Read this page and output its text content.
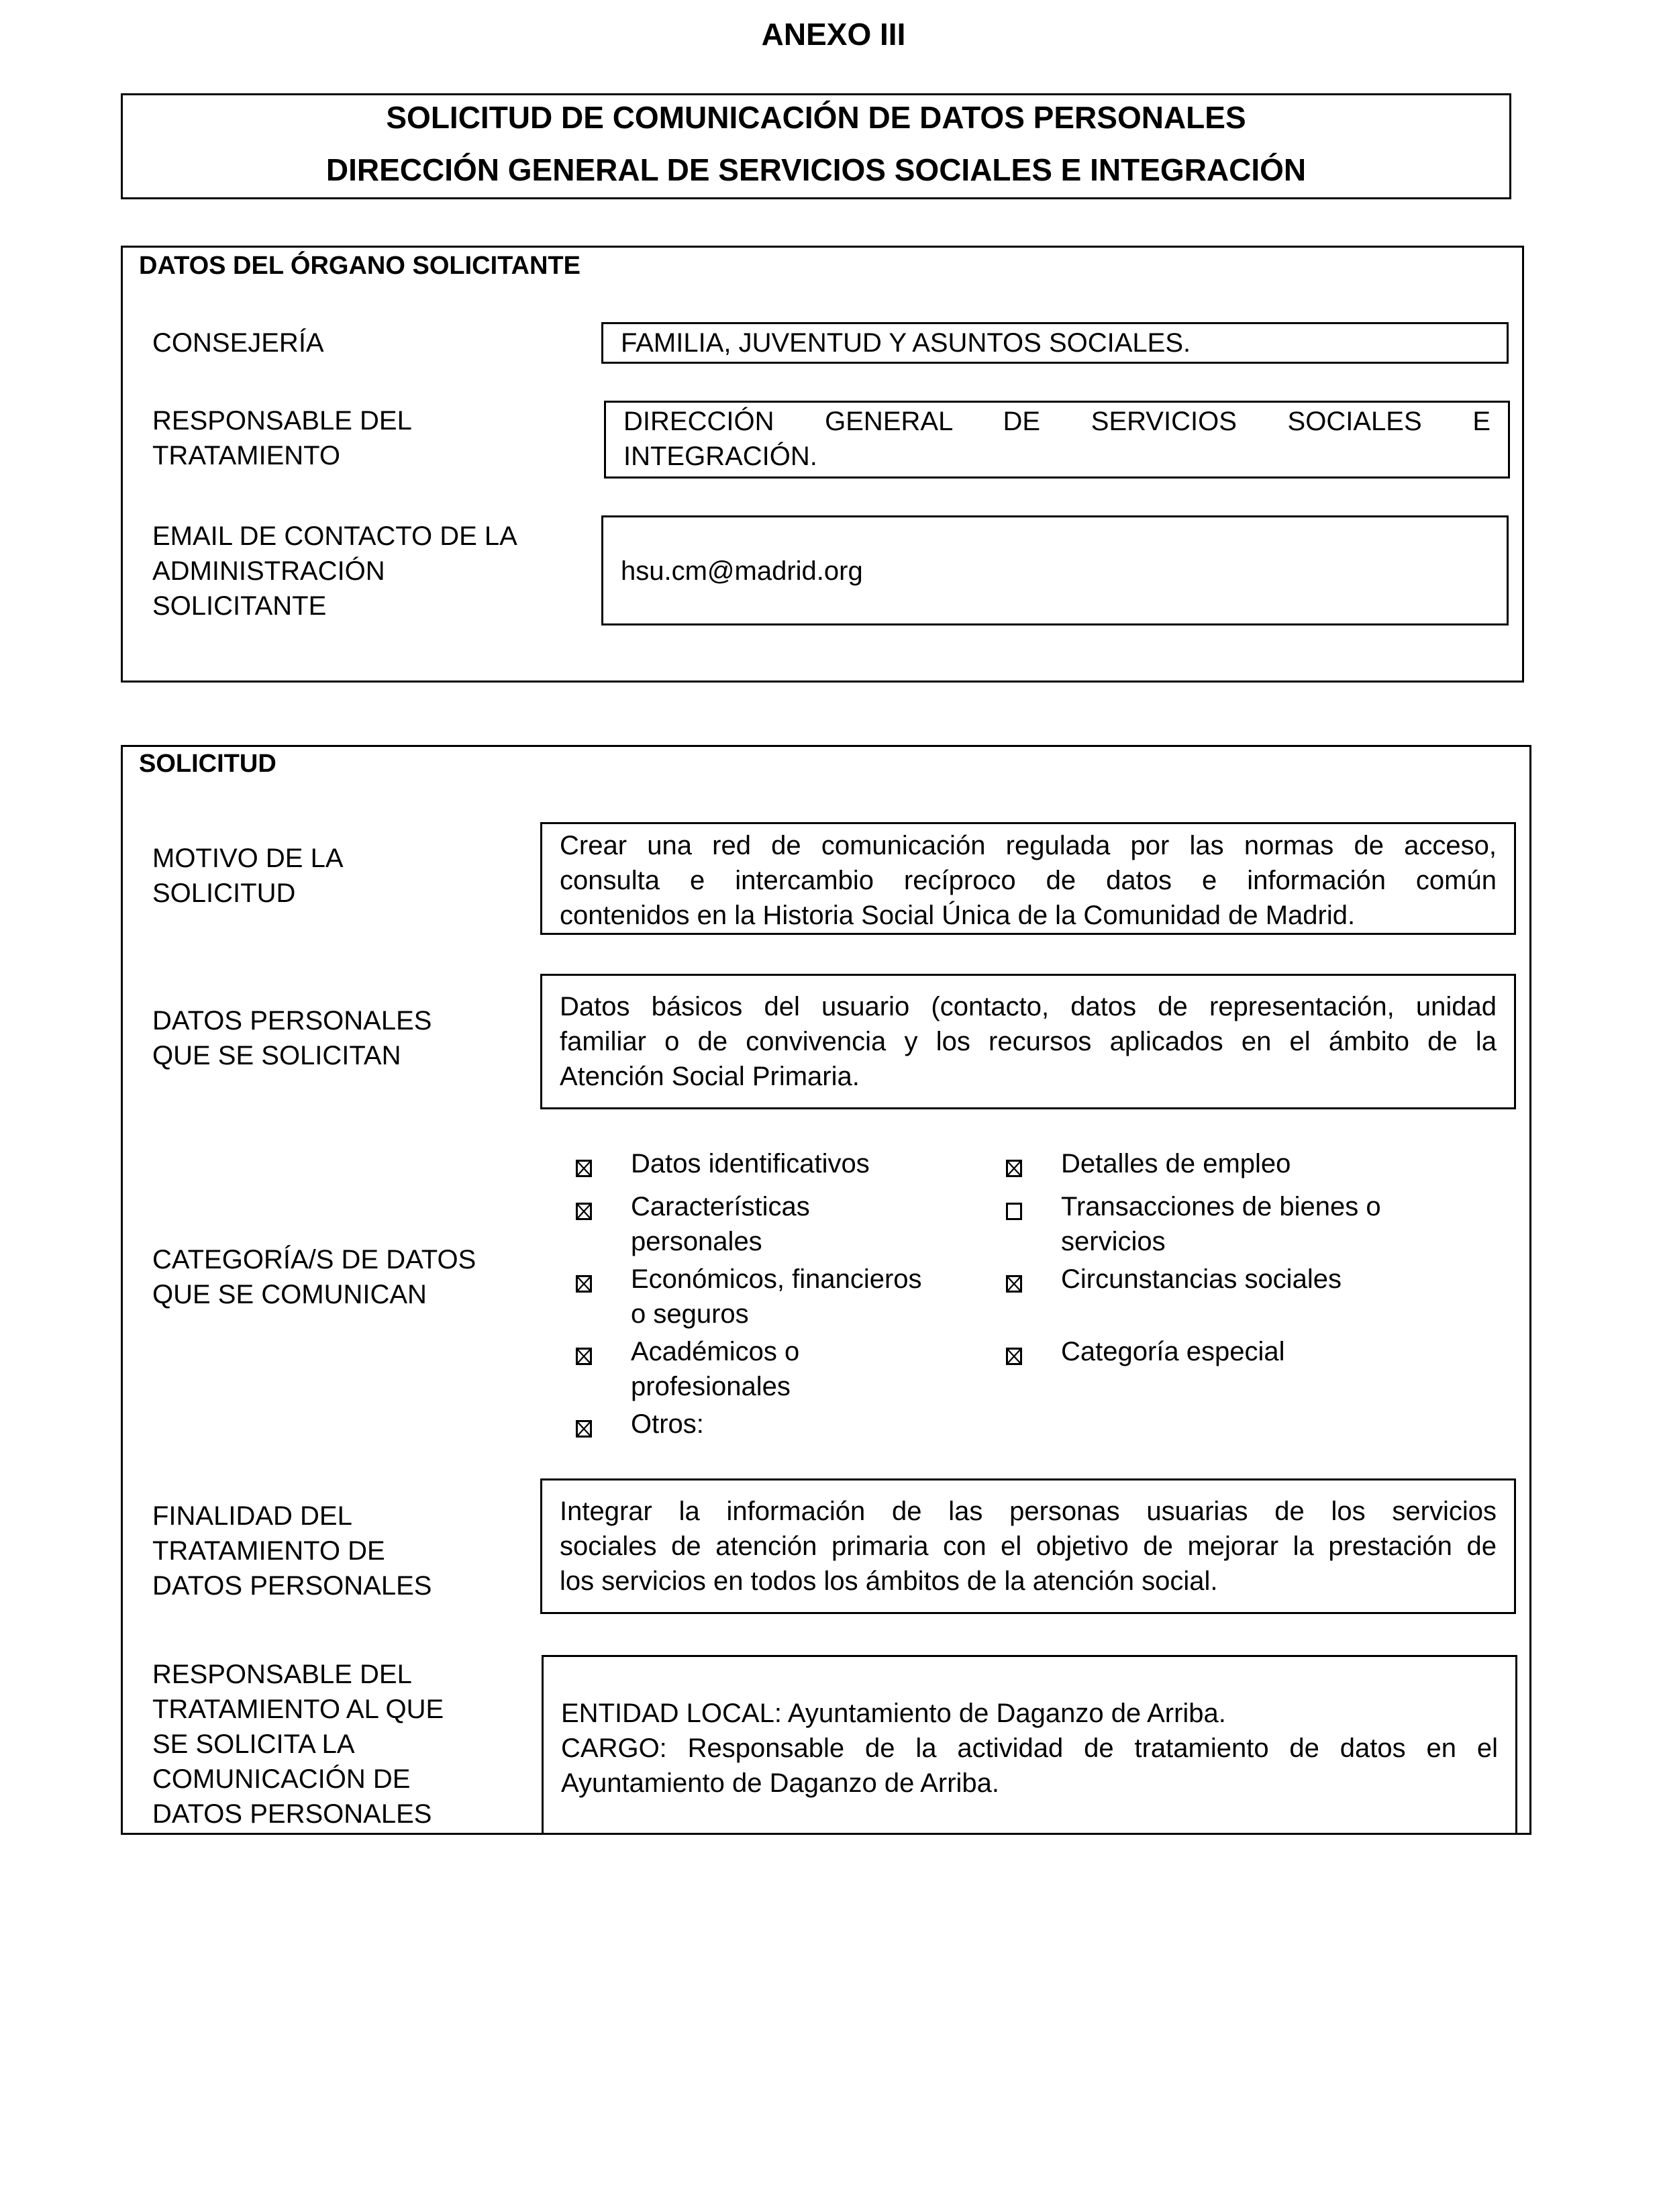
ANEXO III
SOLICITUD DE COMUNICACIÓN DE DATOS PERSONALES
DIRECCIÓN GENERAL DE SERVICIOS SOCIALES E INTEGRACIÓN
DATOS DEL ÓRGANO SOLICITANTE
CONSEJERÍA
RESPONSABLE DEL
TRATAMIENTO
EMAIL DE CONTACTO DE LA
ADMINISTRACIÓN
SOLICITANTE
FAMILIA, JUVENTUD Y ASUNTOS SOCIALES.
DIRECCIÓN GENERAL DE SERVICIOS SOCIALES E
INTEGRACIÓN.
hsu.cm@madrid.org
SOLICITUD
MOTIVO DE LA
SOLICITUD
DATOS PERSONALES
QUE SE SOLICITAN
CATEGORÍA/S DE DATOS
QUE SE COMUNICAN
FINALIDAD DEL
TRATAMIENTO DE
DATOS PERSONALES
RESPONSABLE DEL
TRATAMIENTO AL QUE
SE SOLICITA LA
COMUNICACIÓN DE
DATOS PERSONALES
Crear una red de comunicación regulada por las normas de acceso,
consulta e intercambio recíproco de datos e información común
contenidos en la Historia Social Única de la Comunidad de Madrid.
Datos básicos del usuario (contacto, datos de representación, unidad
familiar o de convivencia y los recursos aplicados en el ámbito de la
Atención Social Primaria.
Datos identificativos
Características
personales
Económicos, financieros
o seguros
Académicos o
profesionales
Otros:
Detalles de empleo
Transacciones de bienes o
servicios
Circunstancias sociales
Categoría especial
Integrar la información de las personas usuarias de los servicios
sociales de atención primaria con el objetivo de mejorar la prestación de
los servicios en todos los ámbitos de la atención social.
ENTIDAD LOCAL: Ayuntamiento de Daganzo de Arriba.
CARGO: Responsable de la actividad de tratamiento de datos en el
Ayuntamiento de Daganzo de Arriba.
